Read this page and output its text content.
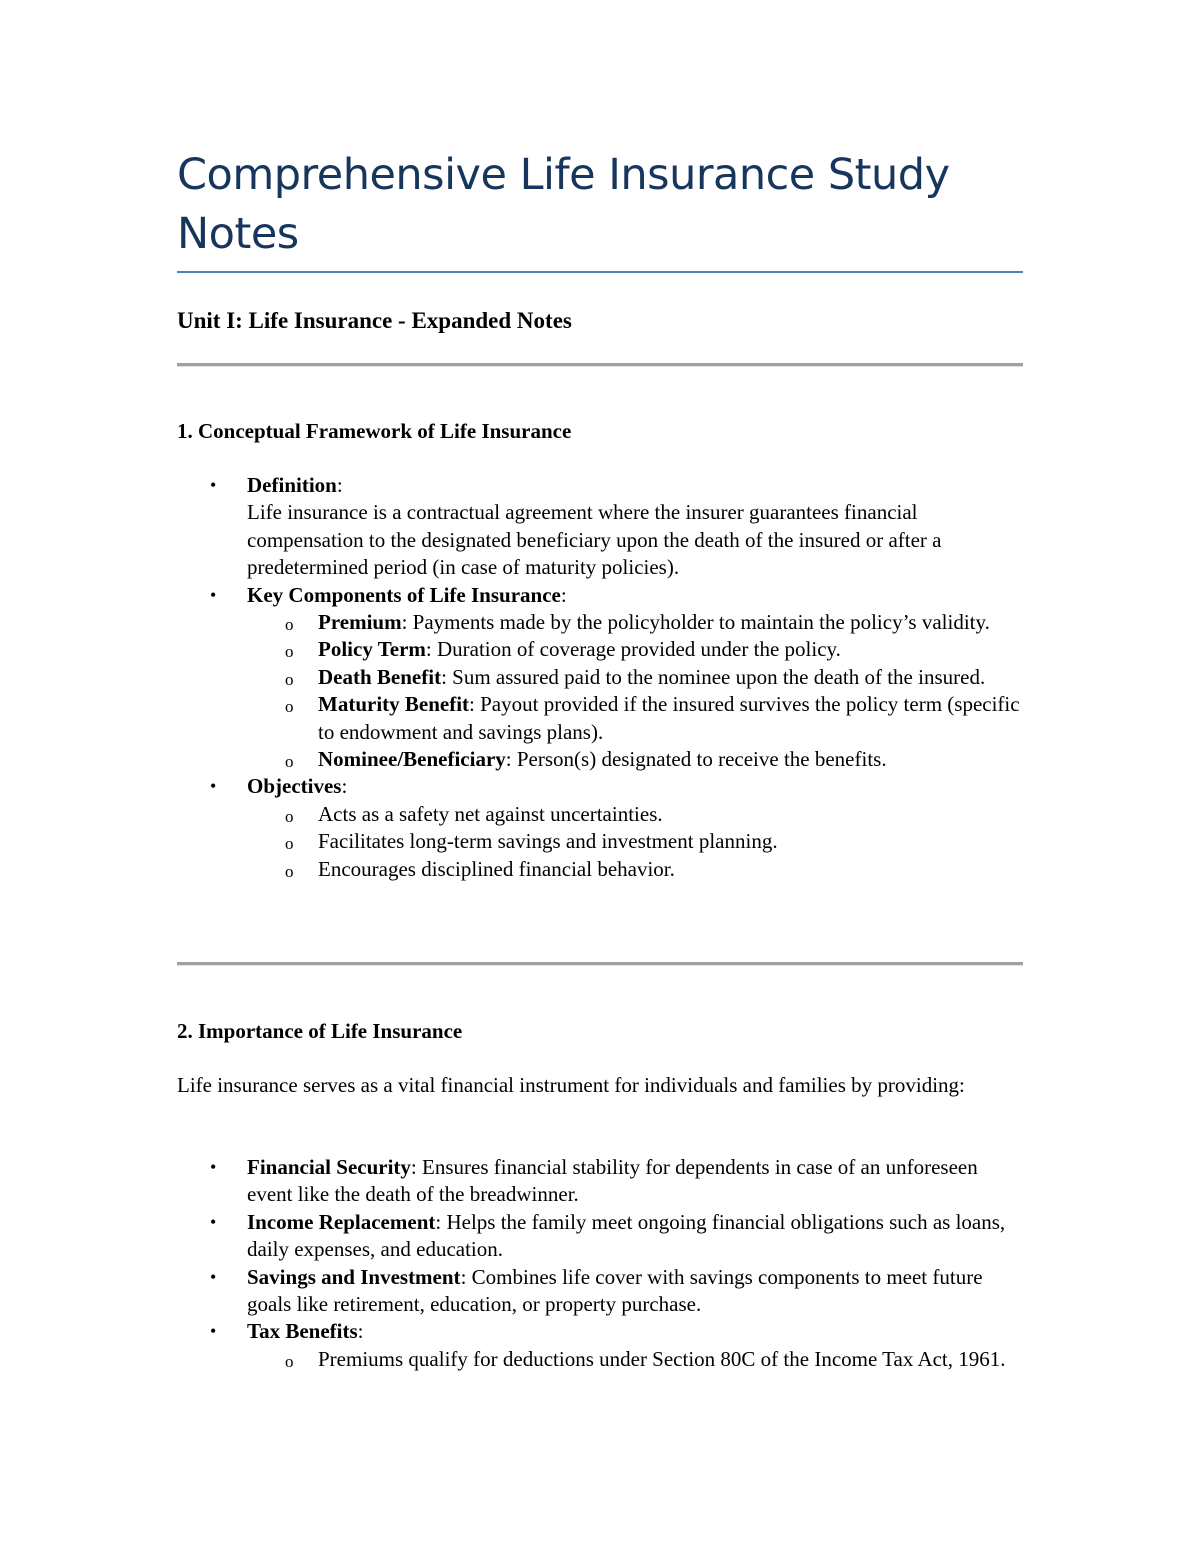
Comprehensive Life Insurance Study Notes
Unit I: Life Insurance - Expanded Notes
1. Conceptual Framework of Life Insurance
• Definition:
Life insurance is a contractual agreement where the insurer guarantees financial compensation to the designated beneficiary upon the death of the insured or after a predetermined period (in case of maturity policies).
• Key Components of Life Insurance:
o Premium: Payments made by the policyholder to maintain the policy’s validity.
o Policy Term: Duration of coverage provided under the policy.
o Death Benefit: Sum assured paid to the nominee upon the death of the insured.
o Maturity Benefit: Payout provided if the insured survives the policy term (specific to endowment and savings plans).
o Nominee/Beneficiary: Person(s) designated to receive the benefits.
• Objectives:
o Acts as a safety net against uncertainties.
o Facilitates long-term savings and investment planning.
o Encourages disciplined financial behavior.
2. Importance of Life Insurance
Life insurance serves as a vital financial instrument for individuals and families by providing:
• Financial Security: Ensures financial stability for dependents in case of an unforeseen event like the death of the breadwinner.
• Income Replacement: Helps the family meet ongoing financial obligations such as loans, daily expenses, and education.
• Savings and Investment: Combines life cover with savings components to meet future goals like retirement, education, or property purchase.
• Tax Benefits:
o Premiums qualify for deductions under Section 80C of the Income Tax Act, 1961.
